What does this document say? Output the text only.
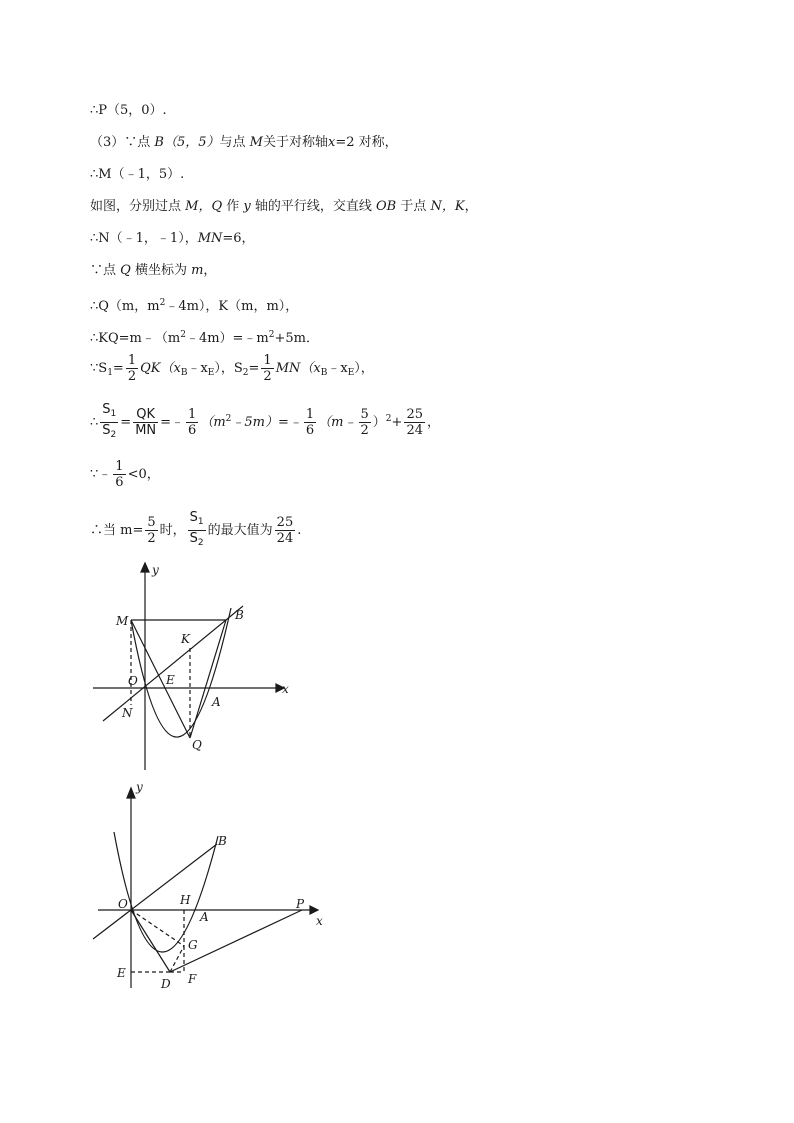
∴P（5，0）.
（3）∵点 B（5，5）与点 M关于对称轴x=2 对称，
∴M（﹣1，5）.
如图，分别过点 M，Q 作 y 轴的平行线，交直线 OB 于点 N，K，
∴N（﹣1，﹣1），MN=6，
∵点 Q 横坐标为 m，
∴Q（m，$m^2﹣4m$），K（m，m），
$\therefore KQ=m﹣(m^2﹣4m)=﹣m^2+5m$．
$\because S_1= \frac{1}{2}$ $QK(x_B﹣x_E)$，$S_2= \frac{1}{2}$ $MN(x_B﹣x_E)$，
∴ $\frac{S_1}{S_2} = \frac{QK}{MN}$ =﹣ $\frac{1}{6}$ $(m^2﹣5m)=﹣ \frac{1}{6}$ （m﹣ $\frac{5}{2} )^2+ \frac{25}{24}$ ，
∵﹣ $\frac{1}{6} <0$，
∴当 $m= \frac{5}{2}$ 时， $\frac{S_1}{S_2}$ 的最大值为 $\frac{25}{24}$ .
y
x
M	B
K
O E
N
A
Q
y
x
B
O	H
A
P
G
E
D F
